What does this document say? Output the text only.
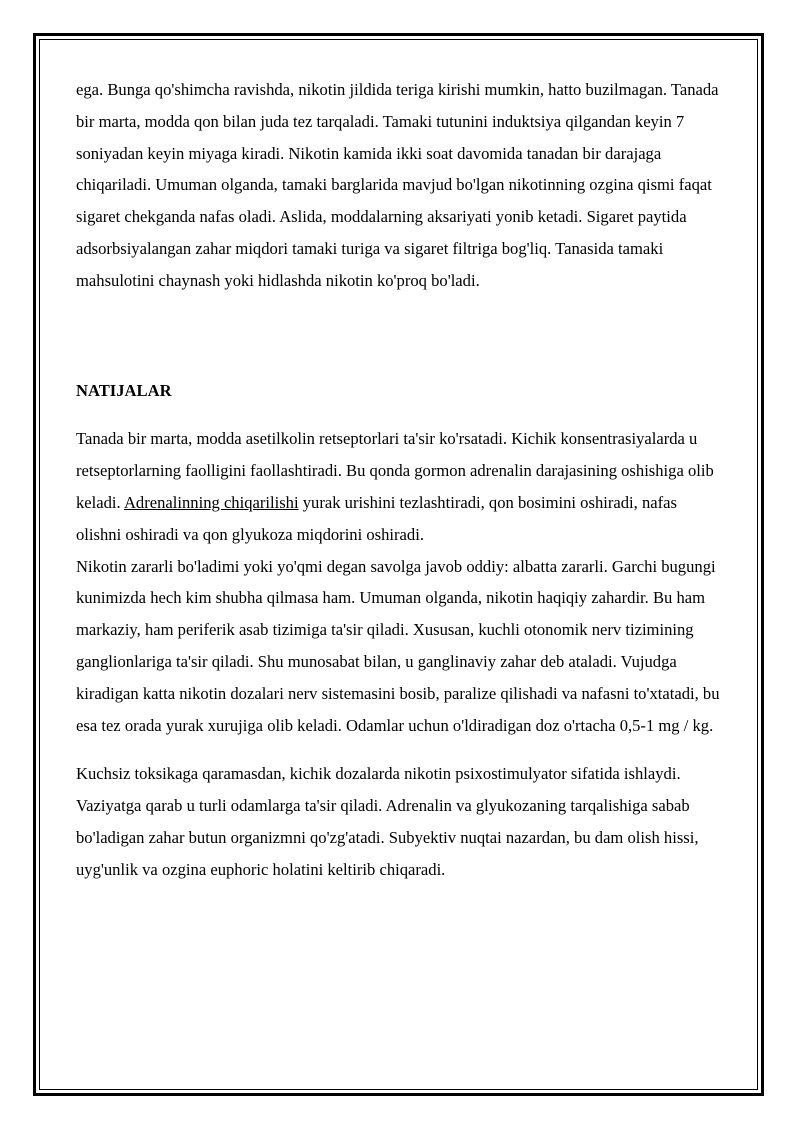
ega. Bunga qo'shimcha ravishda, nikotin jildida teriga kirishi mumkin, hatto buzilmagan. Tanada bir marta, modda qon bilan juda tez tarqaladi. Tamaki tutunini induktsiya qilgandan keyin 7 soniyadan keyin miyaga kiradi. Nikotin kamida ikki soat davomida tanadan bir darajaga chiqariladi. Umuman olganda, tamaki barglarida mavjud bo'lgan nikotinning ozgina qismi faqat sigaret chekganda nafas oladi. Aslida, moddalarning aksariyati yonib ketadi. Sigaret paytida adsorbsiyalangan zahar miqdori tamaki turiga va sigaret filtriga bog'liq. Tanasida tamaki mahsulotini chaynash yoki hidlashda nikotin ko'proq bo'ladi.

NATIJALAR

Tanada bir marta, modda asetilkolin retseptorlari ta'sir ko'rsatadi. Kichik konsentrasiyalarda u retseptorlarning faolligini faollashtiradi. Bu qonda gormon adrenalin darajasining oshishiga olib keladi. Adrenalinning chiqarilishi yurak urishini tezlashtiradi, qon bosimini oshiradi, nafas olishni oshiradi va qon glyukoza miqdorini oshiradi.

Nikotin zararli bo'ladimi yoki yo'qmi degan savolga javob oddiy: albatta zararli. Garchi bugungi kunimizda hech kim shubha qilmasa ham. Umuman olganda, nikotin haqiqiy zahardir. Bu ham markaziy, ham periferik asab tizimiga ta'sir qiladi. Xususan, kuchli otonomik nerv tizimining ganglionlariga ta'sir qiladi. Shu munosabat bilan, u ganglinaviy zahar deb ataladi. Vujudga kiradigan katta nikotin dozalari nerv sistemasini bosib, paralize qilishadi va nafasni to'xtatadi, bu esa tez orada yurak xurujiga olib keladi. Odamlar uchun o'ldiradigan doz o'rtacha 0,5-1 mg / kg.

Kuchsiz toksikaga qaramasdan, kichik dozalarda nikotin psixostimulyator sifatida ishlaydi. Vaziyatga qarab u turli odamlarga ta'sir qiladi. Adrenalin va glyukozaning tarqalishiga sabab bo'ladigan zahar butun organizmni qo'zg'atadi. Subyektiv nuqtai nazardan, bu dam olish hissi, uyg'unlik va ozgina euphoric holatini keltirib chiqaradi.
